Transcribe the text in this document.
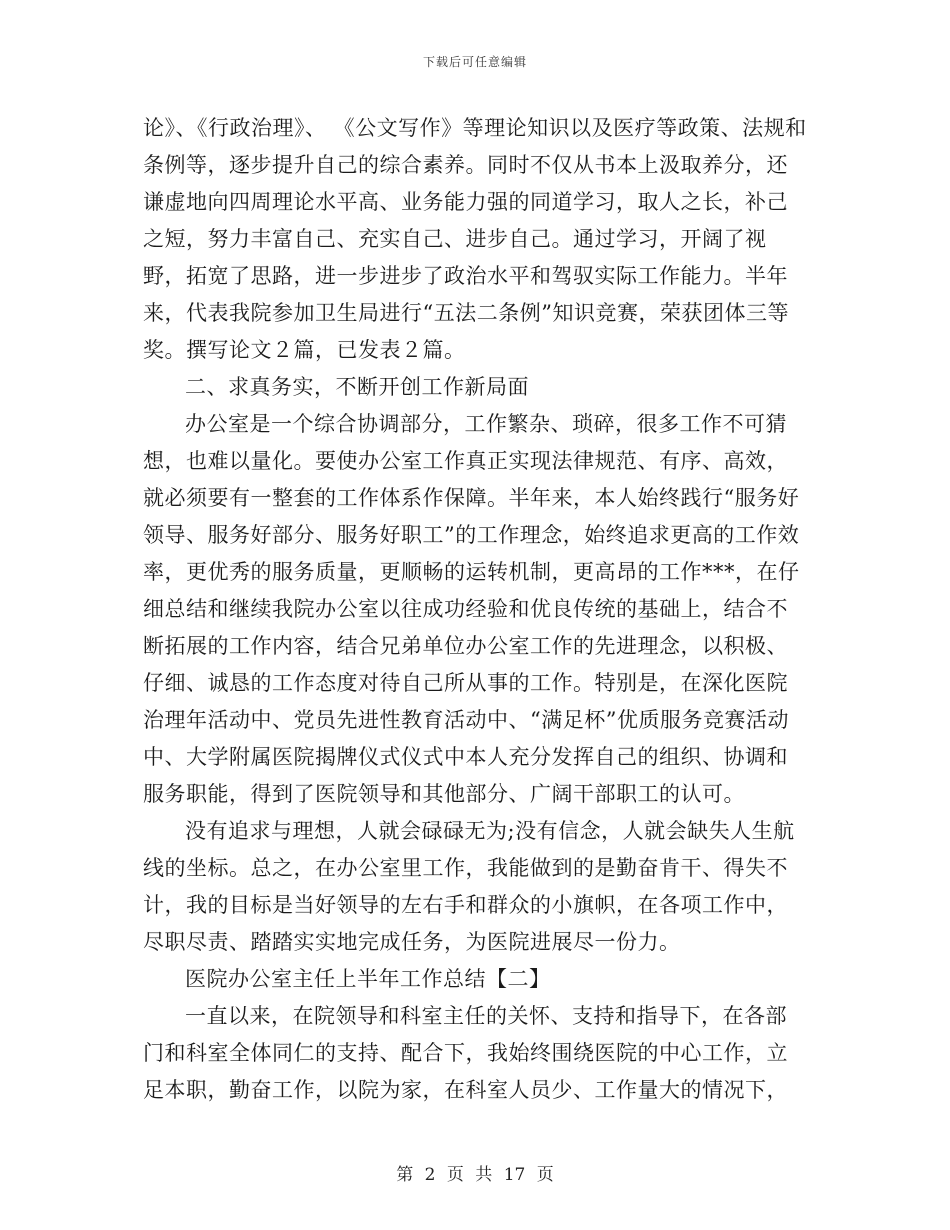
下载后可任意编辑

论》、《行政治理》、 《公文写作》等理论知识以及医疗等政策、法规和条例等，逐步提升自己的综合素养。同时不仅从书本上汲取养分，还谦虚地向四周理论水平高、业务能力强的同道学习，取人之长，补己之短，努力丰富自己、充实自己、进步自己。通过学习，开阔了视野，拓宽了思路，进一步进步了政治水平和驾驭实际工作能力。半年来，代表我院参加卫生局进行“五法二条例”知识竞赛，荣获团体三等奖。撰写论文２篇，已发表２篇。

二、求真务实，不断开创工作新局面

办公室是一个综合协调部分，工作繁杂、琐碎，很多工作不可猜想，也难以量化。要使办公室工作真正实现法律规范、有序、高效，就必须要有一整套的工作体系作保障。半年来，本人始终践行“服务好领导、服务好部分、服务好职工”的工作理念，始终追求更高的工作效率，更优秀的服务质量，更顺畅的运转机制，更高昂的工作***，在仔细总结和继续我院办公室以往成功经验和优良传统的基础上，结合不断拓展的工作内容，结合兄弟单位办公室工作的先进理念，以积极、仔细、诚恳的工作态度对待自己所从事的工作。特别是，在深化医院治理年活动中、党员先进性教育活动中、“满足杯”优质服务竞赛活动中、大学附属医院揭牌仪式仪式中本人充分发挥自己的组织、协调和服务职能，得到了医院领导和其他部分、广阔干部职工的认可。

没有追求与理想，人就会碌碌无为;没有信念，人就会缺失人生航线的坐标。总之，在办公室里工作，我能做到的是勤奋肯干、得失不计，我的目标是当好领导的左右手和群众的小旗帜，在各项工作中，尽职尽责、踏踏实实地完成任务，为医院进展尽一份力。

医院办公室主任上半年工作总结【二】

一直以来，在院领导和科室主任的关怀、支持和指导下，在各部门和科室全体同仁的支持、配合下，我始终围绕医院的中心工作，立足本职，勤奋工作，以院为家，在科室人员少、工作量大的情况下，

第 2 页 共 17 页
